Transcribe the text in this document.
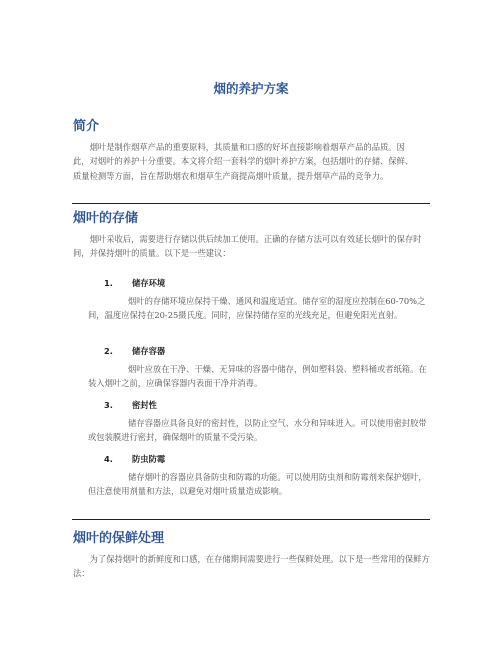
烟的养护方案
简介

烟叶是制作烟草产品的重要原料，其质量和口感的好坏直接影响着烟草产品的品质。因此，对烟叶的养护十分重要。本文将介绍一套科学的烟叶养护方案，包括烟叶的存储、保鲜、质量检测等方面，旨在帮助烟农和烟草生产商提高烟叶质量，提升烟草产品的竞争力。

烟叶的存储

烟叶采收后，需要进行存储以供后续加工使用。正确的存储方法可以有效延长烟叶的保存时间，并保持烟叶的质量。以下是一些建议：

1.	储存环境

烟叶的存储环境应保持干燥、通风和温度适宜。储存室的湿度应控制在60-70%之间，温度应保持在20-25摄氏度。同时，应保持储存室的光线充足，但避免阳光直射。

2.	储存容器

烟叶应放在干净、干燥、无异味的容器中储存，例如塑料袋、塑料桶或者纸箱。在装入烟叶之前，应确保容器内表面干净并消毒。

3.	密封性

储存容器应具备良好的密封性，以防止空气、水分和异味进入。可以使用密封胶带或包装膜进行密封，确保烟叶的质量不受污染。

4.	防虫防霉

储存烟叶的容器应具备防虫和防霉的功能。可以使用防虫剂和防霉剂来保护烟叶，但注意使用剂量和方法，以避免对烟叶质量造成影响。

烟叶的保鲜处理

为了保持烟叶的新鲜度和口感，在存储期间需要进行一些保鲜处理。以下是一些常用的保鲜方法：
